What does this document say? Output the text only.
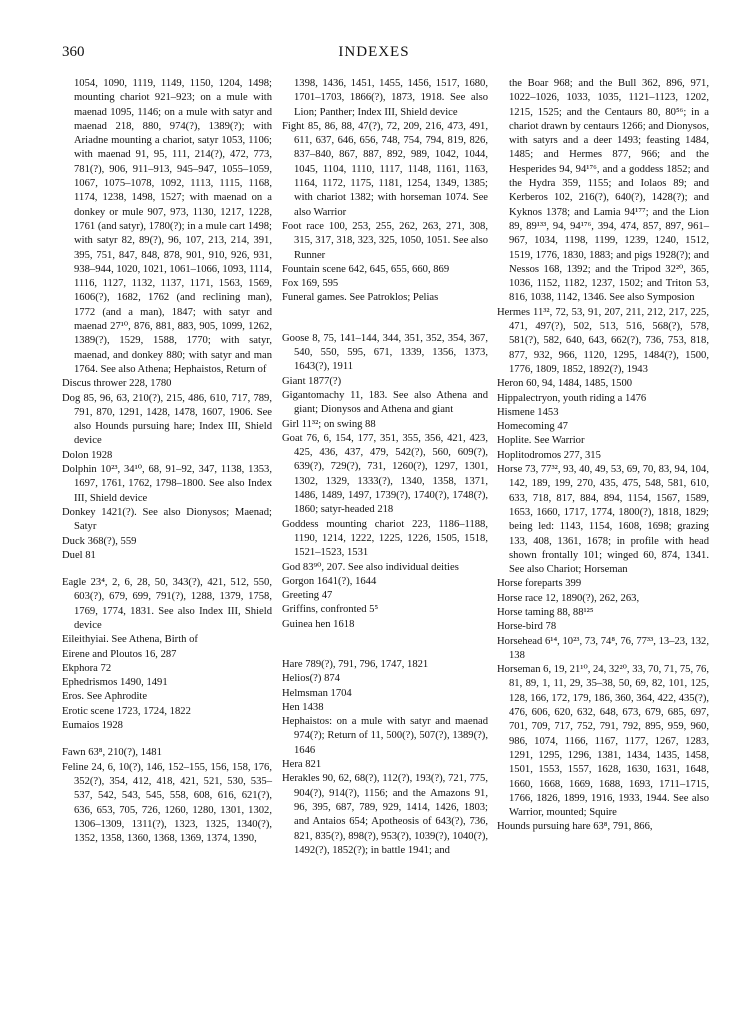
360	INDEXES

1054, 1090, 1119, 1149, 1150, 1204, 1498; mounting chariot 921–923; on a mule with maenad 1095, 1146; on a mule with satyr and maenad 218, 880, 974(?), 1389(?); with Ariadne mounting a chariot, satyr 1053, 1106; with maenad 91, 95, 111, 214(?), 472, 773, 781(?), 906, 911–913, 945–947, 1055–1059, 1067, 1075–1078, 1092, 1113, 1115, 1168, 1174, 1238, 1498, 1527; with maenad on a donkey or mule 907, 973, 1130, 1217, 1228, 1761 (and satyr), 1780(?); in a mule cart 1498; with satyr 82, 89(?), 96, 107, 213, 214, 391, 395, 751, 847, 848, 878, 901, 910, 926, 931, 938–944, 1020, 1021, 1061–1066, 1093, 1114, 1116, 1127, 1132, 1137, 1171, 1563, 1569, 1606(?), 1682, 1762 (and reclining man), 1772 (and a man), 1847; with satyr and maenad 27¹⁰, 876, 881, 883, 905, 1099, 1262, 1389(?), 1529, 1588, 1770; with satyr, maenad, and donkey 880; with satyr and man 1764. See also Athena; Hephaistos, Return of

Discus thrower 228, 1780

Dog 85, 96, 63, 210(?), 215, 486, 610, 717, 789, 791, 870, 1291, 1428, 1478, 1607, 1906. See also Hounds pursuing hare; Index III, Shield device

Dolon 1928

Dolphin 10²³, 34¹⁰, 68, 91–92, 347, 1138, 1353, 1697, 1761, 1762, 1798–1800. See also Index III, Shield device

Donkey 1421(?). See also Dionysos; Maenad; Satyr

Duck 368(?), 559

Duel 81

Eagle 23⁴, 2, 6, 28, 50, 343(?), 421, 512, 550, 603(?), 679, 699, 791(?), 1288, 1379, 1758, 1769, 1774, 1831. See also Index III, Shield device

Eileithyiai. See Athena, Birth of

Eirene and Ploutos 16, 287

Ekphora 72

Ephedrismos 1490, 1491

Eros. See Aphrodite

Erotic scene 1723, 1724, 1822

Eumaios 1928

Fawn 63⁸, 210(?), 1481

Feline 24, 6, 10(?), 146, 152–155, 156, 158, 176, 352(?), 354, 412, 418, 421, 521, 530, 535–537, 542, 543, 545, 558, 608, 616, 621(?), 636, 653, 705, 726, 1260, 1280, 1301, 1302, 1306–1309, 1311(?), 1323, 1325, 1340(?), 1352, 1358, 1360, 1368, 1369, 1374, 1390,

1398, 1436, 1451, 1455, 1456, 1517, 1680, 1701–1703, 1866(?), 1873, 1918. See also Lion; Panther; Index III, Shield device

Fight 85, 86, 88, 47(?), 72, 209, 216, 473, 491, 611, 637, 646, 656, 748, 754, 794, 819, 826, 837–840, 867, 887, 892, 989, 1042, 1044, 1045, 1104, 1110, 1117, 1148, 1161, 1163, 1164, 1172, 1175, 1181, 1254, 1349, 1385; with chariot 1382; with horseman 1074. See also Warrior

Foot race 100, 253, 255, 262, 263, 271, 308, 315, 317, 318, 323, 325, 1050, 1051. See also Runner

Fountain scene 642, 645, 655, 660, 869

Fox 169, 595

Funeral games. See Patroklos; Pelias

Goose 8, 75, 141–144, 344, 351, 352, 354, 367, 540, 550, 595, 671, 1339, 1356, 1373, 1643(?), 1911

Giant 1877(?)

Gigantomachy 11, 183. See also Athena and giant; Dionysos and Athena and giant

Girl 11³²; on swing 88

Goat 76, 6, 154, 177, 351, 355, 356, 421, 423, 425, 436, 437, 479, 542(?), 560, 609(?), 639(?), 729(?), 731, 1260(?), 1297, 1301, 1302, 1329, 1333(?), 1340, 1358, 1371, 1486, 1489, 1497, 1739(?), 1740(?), 1748(?), 1860; satyr-headed 218

Goddess mounting chariot 223, 1186–1188, 1190, 1214, 1222, 1225, 1226, 1505, 1518, 1521–1523, 1531

God 83⁹⁰, 207. See also individual deities

Gorgon 1641(?), 1644

Greeting 47

Griffins, confronted 5⁵

Guinea hen 1618

Hare 789(?), 791, 796, 1747, 1821

Helios(?) 874

Helmsman 1704

Hen 1438

Hephaistos: on a mule with satyr and maenad 974(?); Return of 11, 500(?), 507(?), 1389(?), 1646

Hera 821

Herakles 90, 62, 68(?), 112(?), 193(?), 721, 775, 904(?), 914(?), 1156; and the Amazons 91, 96, 395, 687, 789, 929, 1414, 1426, 1803; and Antaios 654; Apotheosis of 643(?), 736, 821, 835(?), 898(?), 953(?), 1039(?), 1040(?), 1492(?), 1852(?); in battle 1941; and

the Boar 968; and the Bull 362, 896, 971, 1022–1026, 1033, 1035, 1121–1123, 1202, 1215, 1525; and the Centaurs 80, 80⁵⁶; in a chariot drawn by centaurs 1266; and Dionysos, with satyrs and a deer 1493; feasting 1484, 1485; and Hermes 877, 966; and the Hesperides 94, 94¹⁷⁶, and a goddess 1852; and the Hydra 359, 1155; and Iolaos 89; and Kerberos 102, 216(?), 640(?), 1428(?); and Kyknos 1378; and Lamia 94¹⁷⁷; and the Lion 89, 89¹³³, 94, 94¹⁷⁶, 394, 474, 857, 897, 961–967, 1034, 1198, 1199, 1239, 1240, 1512, 1519, 1776, 1830, 1883; and pigs 1928(?); and Nessos 168, 1392; and the Tripod 32²⁰, 365, 1036, 1152, 1182, 1237, 1502; and Triton 53, 816, 1038, 1142, 1346. See also Symposion

Hermes 11³², 72, 53, 91, 207, 211, 212, 217, 225, 471, 497(?), 502, 513, 516, 568(?), 578, 581(?), 582, 640, 643, 662(?), 736, 753, 818, 877, 932, 966, 1120, 1295, 1484(?), 1500, 1776, 1809, 1852, 1892(?), 1943

Heron 60, 94, 1484, 1485, 1500

Hippalectryon, youth riding a 1476

Hismene 1453

Homecoming 47

Hoplite. See Warrior

Hoplitodromos 277, 315

Horse 73, 77³², 93, 40, 49, 53, 69, 70, 83, 94, 104, 142, 189, 199, 270, 435, 475, 548, 581, 610, 633, 718, 817, 884, 894, 1154, 1567, 1589, 1653, 1660, 1717, 1774, 1800(?), 1818, 1829; being led: 1143, 1154, 1608, 1698; grazing 133, 408, 1361, 1678; in profile with head shown frontally 101; winged 60, 874, 1341. See also Chariot; Horseman

Horse foreparts 399

Horse race 12, 1890(?), 262, 263,

Horse taming 88, 88¹²⁵

Horse-bird 78

Horsehead 6¹⁴, 10²³, 73, 74⁸, 76, 77³³, 13–23, 132, 138

Horseman 6, 19, 21¹⁰, 24, 32²⁰, 33, 70, 71, 75, 76, 81, 89, 1, 11, 29, 35–38, 50, 69, 82, 101, 125, 128, 166, 172, 179, 186, 360, 364, 422, 435(?), 476, 606, 620, 632, 648, 673, 679, 685, 697, 701, 709, 717, 752, 791, 792, 895, 959, 960, 986, 1074, 1166, 1167, 1177, 1267, 1283, 1291, 1295, 1296, 1381, 1434, 1435, 1458, 1501, 1553, 1557, 1628, 1630, 1631, 1648, 1660, 1668, 1669, 1688, 1693, 1711–1715, 1766, 1826, 1899, 1916, 1933, 1944. See also Warrior, mounted; Squire

Hounds pursuing hare 63⁸, 791, 866,
